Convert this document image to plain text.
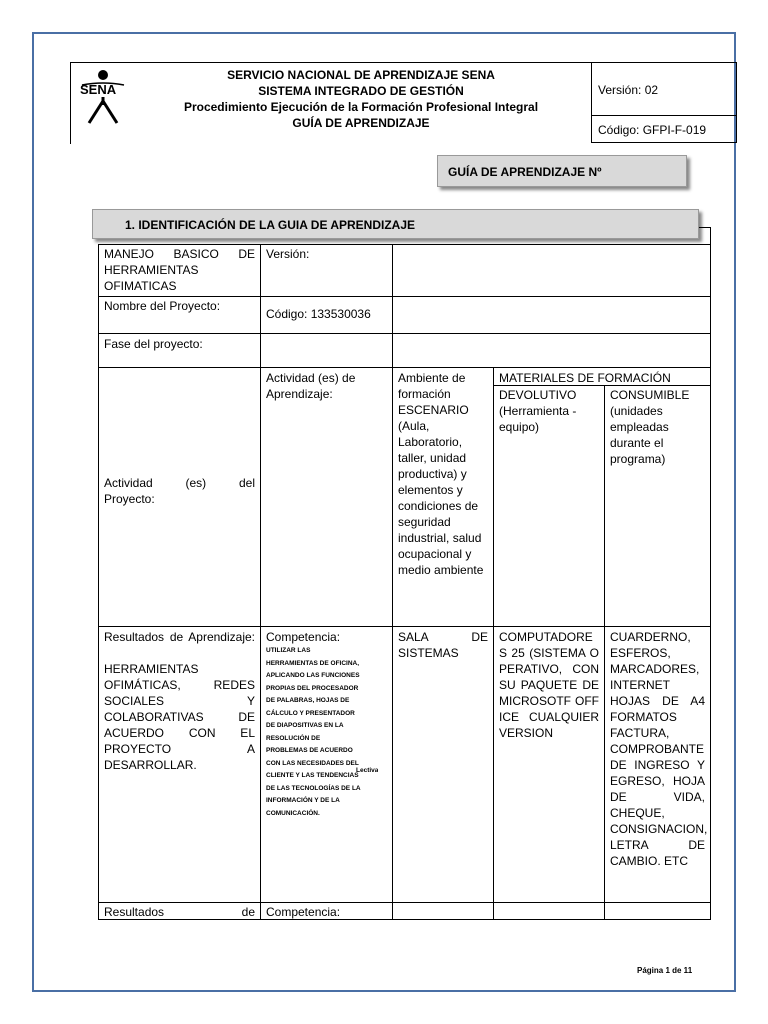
SENA
SERVICIO NACIONAL DE APRENDIZAJE SENA
SISTEMA INTEGRADO DE GESTIÓN
Procedimiento Ejecución de la Formación Profesional Integral
GUÍA DE APRENDIZAJE
Versión: 02
Código: GFPI-F-019
GUÍA DE APRENDIZAJE Nº
1. IDENTIFICACIÓN DE LA GUIA DE APRENDIZAJE
MANEJO BASICO DE HERRAMIENTAS OFIMATICAS
Versión:
Nombre del Proyecto:
Código: 133530036
Fase del proyecto:
Actividad (es) del
Proyecto:
Actividad (es) de Aprendizaje:
Ambiente de formación ESCENARIO (Aula, Laboratorio, taller, unidad productiva) y elementos y condiciones de seguridad industrial, salud ocupacional y medio ambiente
MATERIALES DE FORMACIÓN
DEVOLUTIVO (Herramienta - equipo)
CONSUMIBLE (unidades empleadas durante el programa)
Resultados de Aprendizaje:
HERRAMIENTAS OFIMÁTICAS, REDES SOCIALES Y COLABORATIVAS DE ACUERDO CON EL PROYECTO A DESARROLLAR.
Competencia:
UTILIZAR LAS HERRAMIENTAS DE OFICINA, APLICANDO LAS FUNCIONES PROPIAS DEL PROCESADOR DE PALABRAS, HOJAS DE CÁLCULO Y PRESENTADOR DE DIAPOSITIVAS EN LA RESOLUCIÓN DE PROBLEMAS DE ACUERDO CON LAS NECESIDADES DEL CLIENTE Y LAS TENDENCIAS DE LAS TECNOLOGÍAS DE LA INFORMACIÓN Y DE LA COMUNICACIÓN.
Lectiva
SALA DE SISTEMAS
COMPUTADORES 25 (SISTEMA OPERATIVO, CON SU PAQUETE DE MICROSOTF OFFICE CUALQUIER VERSION
CUARDERNO, ESFEROS, MARCADORES, INTERNET HOJAS DE A4 FORMATOS FACTURA, COMPROBANTE DE INGRESO Y EGRESO, HOJA DE VIDA, CHEQUE, CONSIGNACION, LETRA DE CAMBIO. ETC
Resultados de Competencia:
Página 1 de 11
